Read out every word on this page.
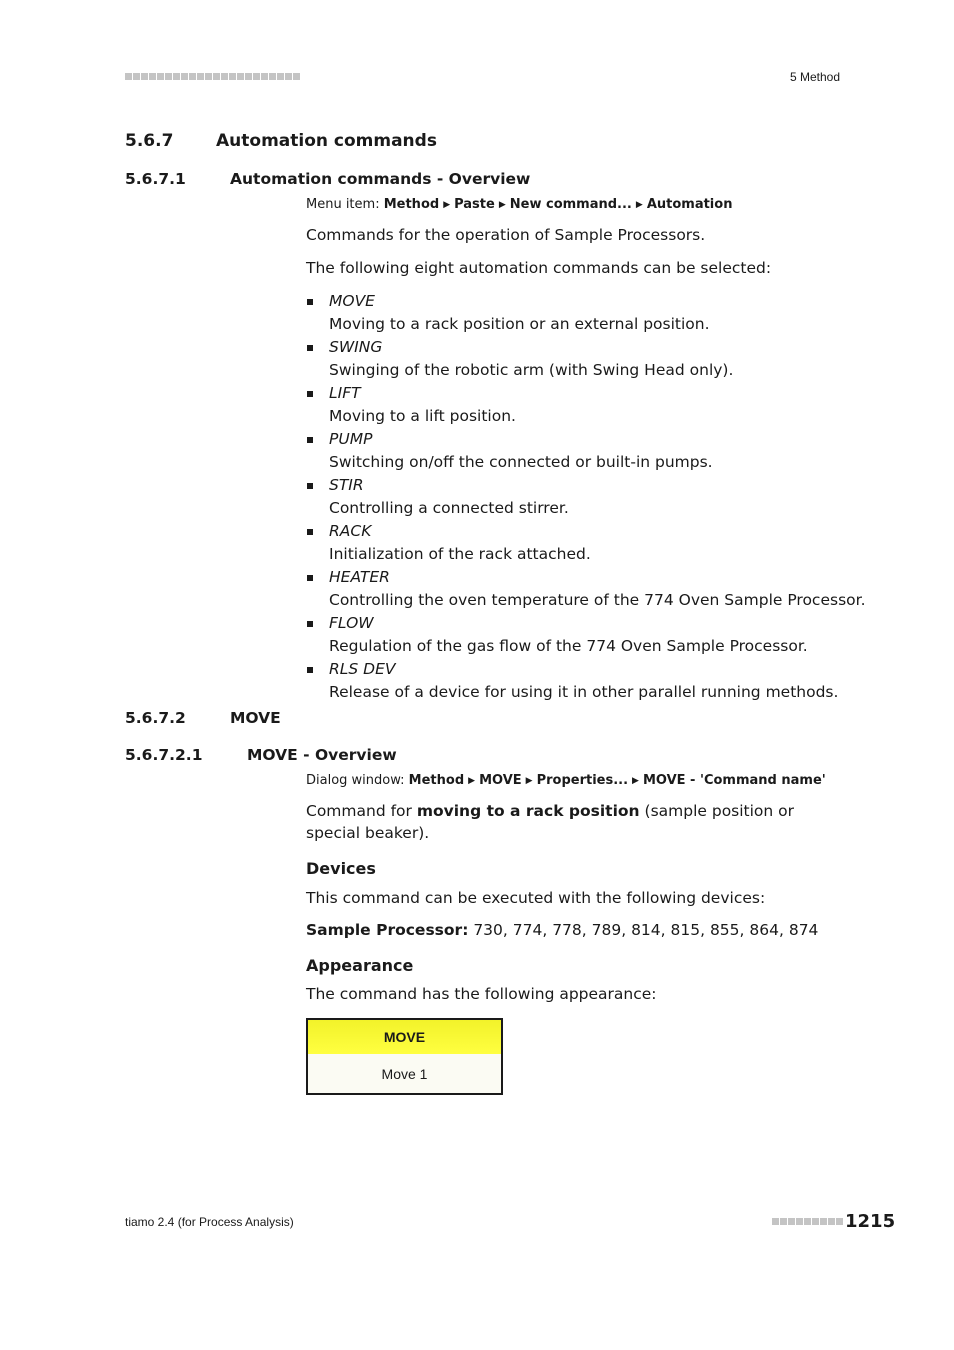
5 Method
5.6.7	Automation commands
5.6.7.1	Automation commands - Overview
Menu item: Method ▶ Paste ▶ New command... ▶ Automation
Commands for the operation of Sample Processors.
The following eight automation commands can be selected:
MOVE
Moving to a rack position or an external position.
SWING
Swinging of the robotic arm (with Swing Head only).
LIFT
Moving to a lift position.
PUMP
Switching on/off the connected or built-in pumps.
STIR
Controlling a connected stirrer.
RACK
Initialization of the rack attached.
HEATER
Controlling the oven temperature of the 774 Oven Sample Processor.
FLOW
Regulation of the gas flow of the 774 Oven Sample Processor.
RLS DEV
Release of a device for using it in other parallel running methods.
5.6.7.2	MOVE
5.6.7.2.1	MOVE - Overview
Dialog window: Method ▶ MOVE ▶ Properties... ▶ MOVE - 'Command name'
Command for moving to a rack position (sample position or special beaker).
Devices
This command can be executed with the following devices:
Sample Processor: 730, 774, 778, 789, 814, 815, 855, 864, 874
Appearance
The command has the following appearance:
MOVE
Move 1
tiamo 2.4 (for Process Analysis)	1215
